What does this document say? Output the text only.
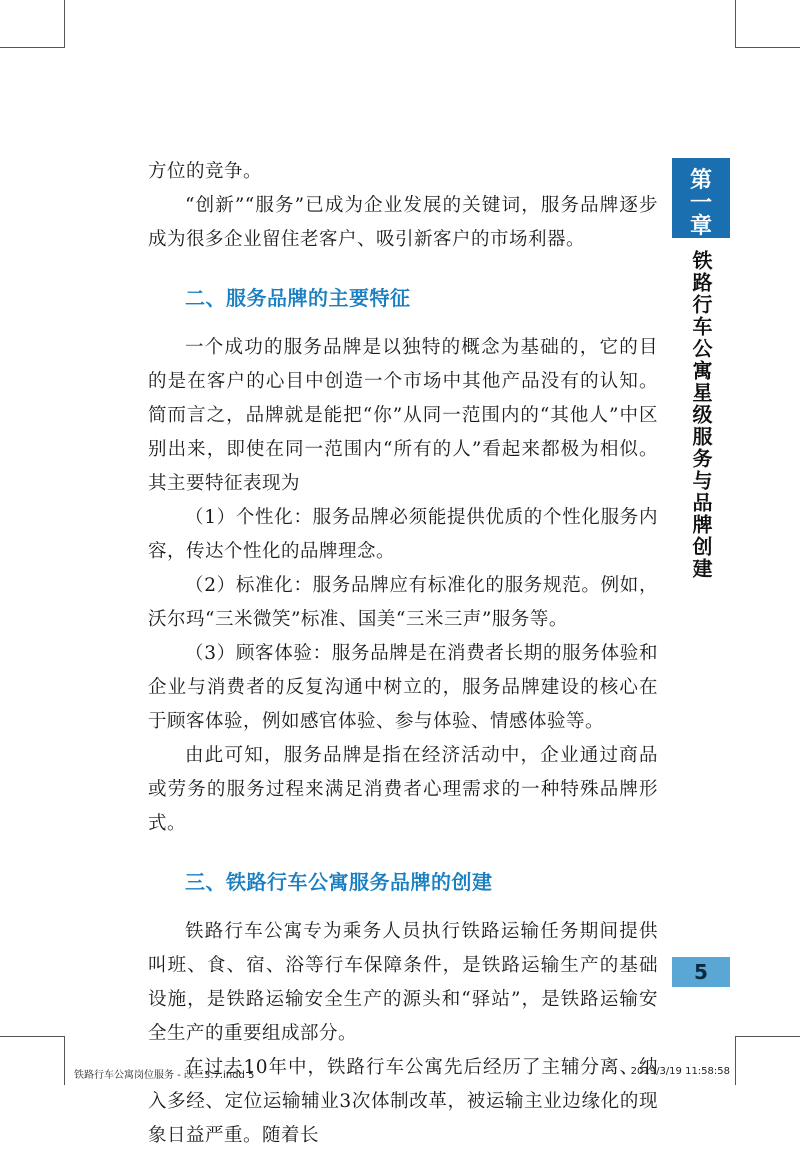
第
一
章
铁路行车公寓星级服务与品牌创建

方位的竞争。

“创新”“服务”已成为企业发展的关键词，服务品牌逐步成为很多企业留住老客户、吸引新客户的市场利器。

二、服务品牌的主要特征

一个成功的服务品牌是以独特的概念为基础的，它的目的是在客户的心目中创造一个市场中其他产品没有的认知。简而言之，品牌就是能把“你”从同一范围内的“其他人”中区别出来，即使在同一范围内“所有的人”看起来都极为相似。其主要特征表现为

（1）个性化：服务品牌必须能提供优质的个性化服务内容，传达个性化的品牌理念。

（2）标准化：服务品牌应有标准化的服务规范。例如，沃尔玛“三米微笑”标准、国美“三米三声”服务等。

（3）顾客体验：服务品牌是在消费者长期的服务体验和企业与消费者的反复沟通中树立的，服务品牌建设的核心在于顾客体验，例如感官体验、参与体验、情感体验等。

由此可知，服务品牌是指在经济活动中，企业通过商品或劳务的服务过程来满足消费者心理需求的一种特殊品牌形式。

三、铁路行车公寓服务品牌的创建

铁路行车公寓专为乘务人员执行铁路运输任务期间提供叫班、食、宿、浴等行车保障条件，是铁路运输生产的基础设施，是铁路运输安全生产的源头和“驿站”，是铁路运输安全生产的重要组成部分。

在过去10年中，铁路行车公寓先后经历了主辅分离、纳入多经、定位运输辅业3次体制改革，被运输主业边缘化的现象日益严重。随着长

5
铁路行车公寓岗位服务 - 改三3.7.indd 5	2019/3/19 11:58:58
